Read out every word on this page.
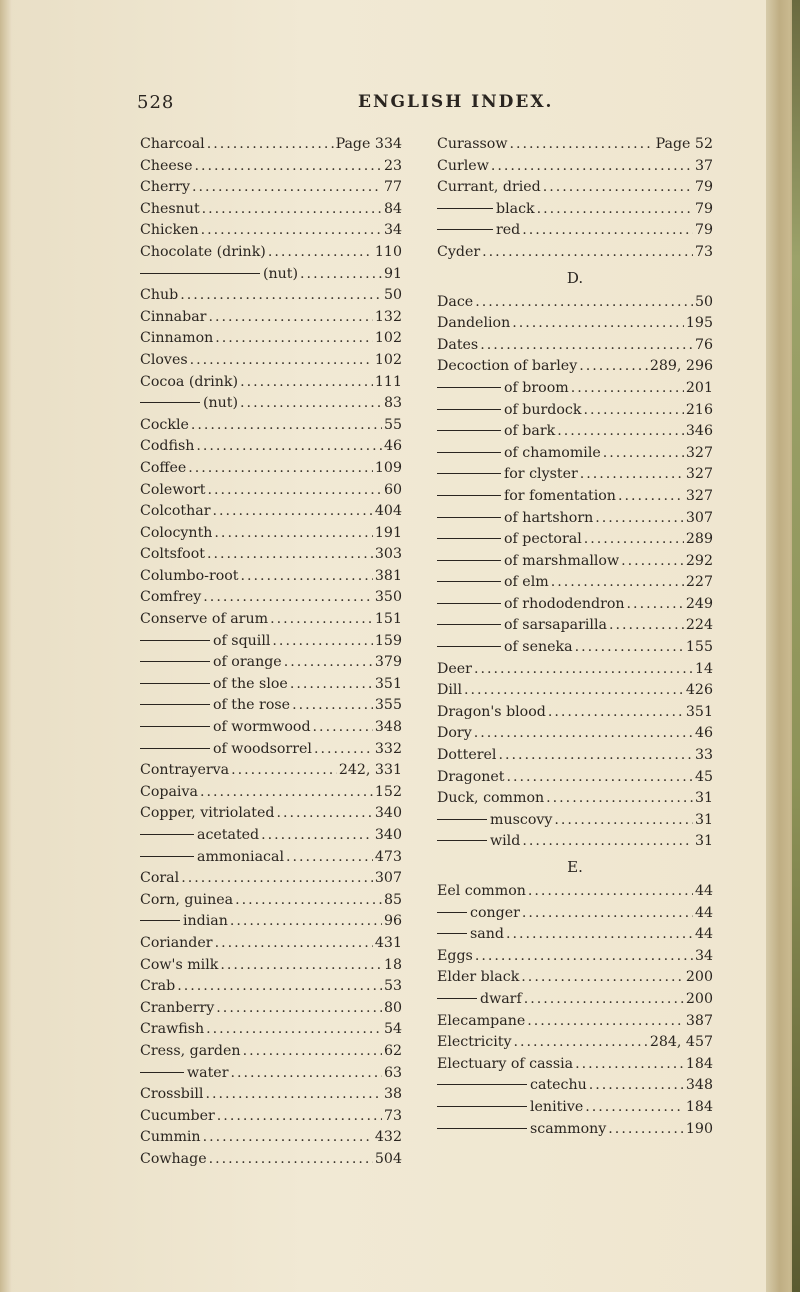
528	ENGLISH INDEX.
Charcoal .....	Page 334
Cheese .....	23
Cherry .....	77
Chesnut .....	84
Chicken .....	34
Chocolate (drink) .....	110
(nut) .....	91
Chub .....	50
Cinnabar .....	132
Cinnamon .....	102
Cloves .....	102
Cocoa (drink) .....	111
(nut) .....	83
Cockle .....	55
Codfish .....	46
Coffee .....	109
Colewort .....	60
Colcothar .....	404
Colocynth .....	191
Coltsfoot .....	303
Columbo-root .....	381
Comfrey .....	350
Conserve of arum .....	151
of squill .....	159
of orange .....	379
of the sloe .....	351
of the rose .....	355
of wormwood .....	348
of woodsorrel .....	332
Contrayerva .....	242, 331
Copaiva .....	152
Copper, vitriolated .....	340
acetated .....	340
ammoniacal .....	473
Coral .....	307
Corn, guinea .....	85
indian .....	96
Coriander .....	431
Cow's milk .....	18
Crab .....	53
Cranberry .....	80
Crawfish .....	54
Cress, garden .....	62
water .....	63
Crossbill .....	38
Cucumber .....	73
Cummin .....	432
Cowhage .....	504
Curassow .....	Page 52
Curlew .....	37
Currant, dried .....	79
black .....	79
red .....	79
Cyder .....	73
D.
Dace .....	50
Dandelion .....	195
Dates .....	76
Decoction of barley .....	289, 296
of broom .....	201
of burdock .....	216
of bark .....	346
of chamomile .....	327
for clyster .....	327
for fomentation .....	327
of hartshorn .....	307
of pectoral .....	289
of marshmallow .....	292
of elm .....	227
of rhododendron .....	249
of sarsaparilla .....	224
of seneka .....	155
Deer .....	14
Dill .....	426
Dragon's blood .....	351
Dory .....	46
Dotterel .....	33
Dragonet .....	45
Duck, common .....	31
muscovy .....	31
wild .....	31
E.
Eel common .....	44
conger .....	44
sand .....	44
Eggs .....	34
Elder black .....	200
dwarf .....	200
Elecampane .....	387
Electricity .....	284, 457
Electuary of cassia .....	184
catechu .....	348
lenitive .....	184
scammony .....	190
